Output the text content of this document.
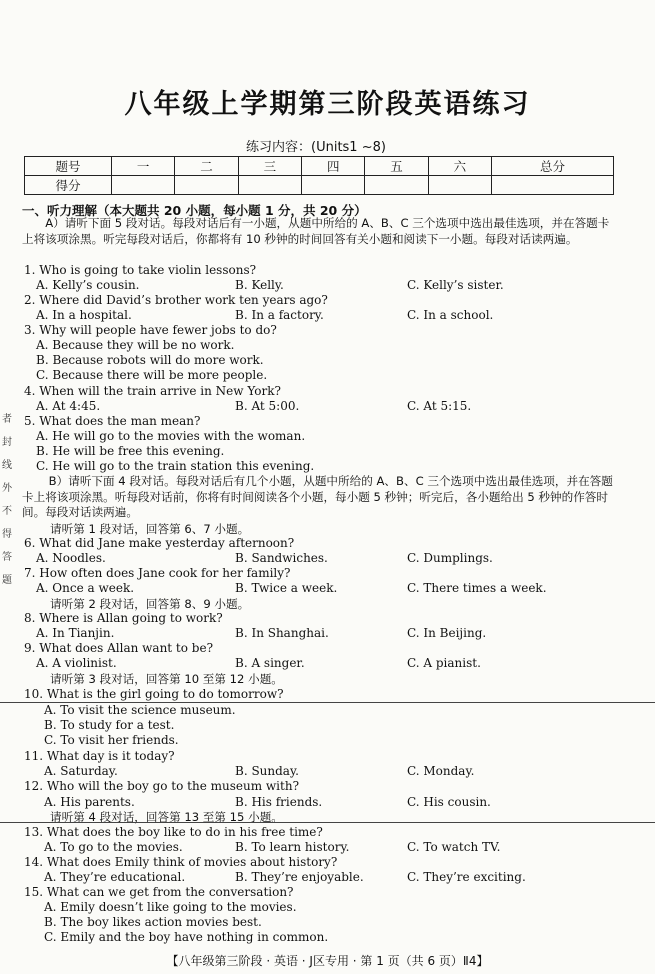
八年级上学期第三阶段英语练习
练习内容：(Units1 ~8)
题号	一	二	三	四	五	六	总分
得分							
一、听力理解（本大题共 20 小题，每小题 1 分，共 20 分）
A）请听下面 5 段对话。每段对话后有一小题，从题中所给的 A、B、C 三个选项中选出最佳选项，并在答题卡上将该项涂黑。听完每段对话后，你都将有 10 秒钟的时间回答有关小题和阅读下一小题。每段对话读两遍。
1. Who is going to take violin lessons?
A. Kelly’s cousin.	B. Kelly.	C. Kelly’s sister.
2. Where did David’s brother work ten years ago?
A. In a hospital.	B. In a factory.	C. In a school.
3. Why will people have fewer jobs to do?
A. Because they will be no work.
B. Because robots will do more work.
C. Because there will be more people.
4. When will the train arrive in New York?
A. At 4:45.	B. At 5:00.	C. At 5:15.
5. What does the man mean?
A. He will go to the movies with the woman.
B. He will be free this evening.
C. He will go to the train station this evening.
B）请听下面 4 段对话。每段对话后有几个小题，从题中所给的 A、B、C 三个选项中选出最佳选项，并在答题卡上将该项涂黑。听每段对话前，你将有时间阅读各个小题，每小题 5 秒钟；听完后，各小题给出 5 秒钟的作答时间。每段对话读两遍。
请听第 1 段对话，回答第 6、7 小题。
6. What did Jane make yesterday afternoon?
A. Noodles.	B. Sandwiches.	C. Dumplings.
7. How often does Jane cook for her family?
A. Once a week.	B. Twice a week.	C. There times a week.
请听第 2 段对话，回答第 8、9 小题。
8. Where is Allan going to work?
A. In Tianjin.	B. In Shanghai.	C. In Beijing.
9. What does Allan want to be?
A. A violinist.	B. A singer.	C. A pianist.
请听第 3 段对话，回答第 10 至第 12 小题。
10. What is the girl going to do tomorrow?
A. To visit the science museum.
B. To study for a test.
C. To visit her friends.
11. What day is it today?
A. Saturday.	B. Sunday.	C. Monday.
12. Who will the boy go to the museum with?
A. His parents.	B. His friends.	C. His cousin.
请听第 4 段对话，回答第 13 至第 15 小题。
13. What does the boy like to do in his free time?
A. To go to the movies.	B. To learn history.	C. To watch TV.
14. What does Emily think of movies about history?
A. They’re educational.	B. They’re enjoyable.	C. They’re exciting.
15. What can we get from the conversation?
A. Emily doesn’t like going to the movies.
B. The boy likes action movies best.
C. Emily and the boy have nothing in common.
者
封
线
外
不
得
答
题
【八年级第三阶段 · 英语 · J区专用 · 第 1 页（共 6 页）Ⅱ4】
